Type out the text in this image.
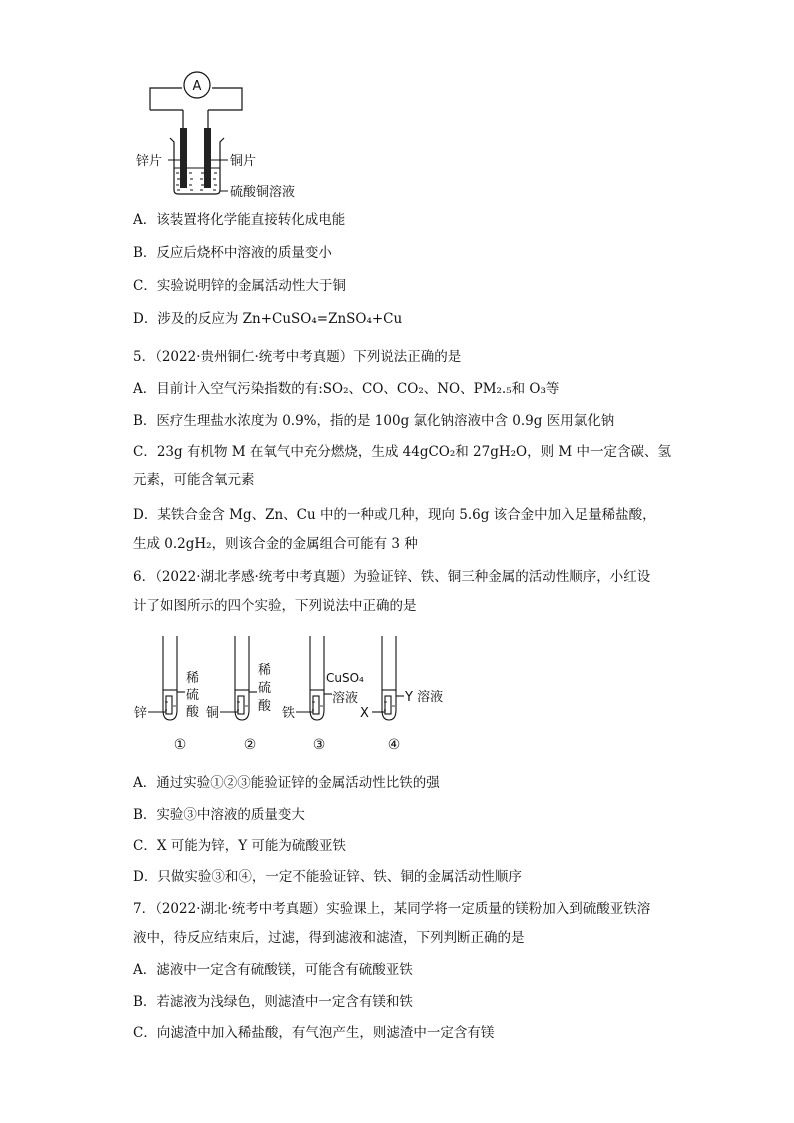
A
锌片	铜片
硫酸铜溶液
A．该装置将化学能直接转化成电能
B．反应后烧杯中溶液的质量变小
C．实验说明锌的金属活动性大于铜
D．涉及的反应为 Zn+CuSO₄=ZnSO₄+Cu
5．（2022·贵州铜仁·统考中考真题）下列说法正确的是
A．目前计入空气污染指数的有:SO₂、CO、CO₂、NO、PM₂.₅和 O₃等
B．医疗生理盐水浓度为 0.9%，指的是 100g 氯化钠溶液中含 0.9g 医用氯化钠
C．23g 有机物 M 在氧气中充分燃烧，生成 44gCO₂和 27gH₂O，则 M 中一定含碳、氢
元素，可能含氧元素
D．某铁合金含 Mg、Zn、Cu 中的一种或几种，现向 5.6g 该合金中加入足量稀盐酸，
生成 0.2gH₂，则该合金的金属组合可能有 3 种
6．（2022·湖北孝感·统考中考真题）为验证锌、铁、铜三种金属的活动性顺序，小红设
计了如图所示的四个实验，下列说法中正确的是
锌
稀
硫
酸 铜
稀
硫
酸 铁
CuSO₄
溶液
X
Y 溶液
①	②	③	④
A．通过实验①②③能验证锌的金属活动性比铁的强
B．实验③中溶液的质量变大
C．X 可能为锌，Y 可能为硫酸亚铁
D．只做实验③和④，一定不能验证锌、铁、铜的金属活动性顺序
7．（2022·湖北·统考中考真题）实验课上，某同学将一定质量的镁粉加入到硫酸亚铁溶
液中，待反应结束后，过滤，得到滤液和滤渣，下列判断正确的是
A．滤液中一定含有硫酸镁，可能含有硫酸亚铁
B．若滤液为浅绿色，则滤渣中一定含有镁和铁
C．向滤渣中加入稀盐酸，有气泡产生，则滤渣中一定含有镁
